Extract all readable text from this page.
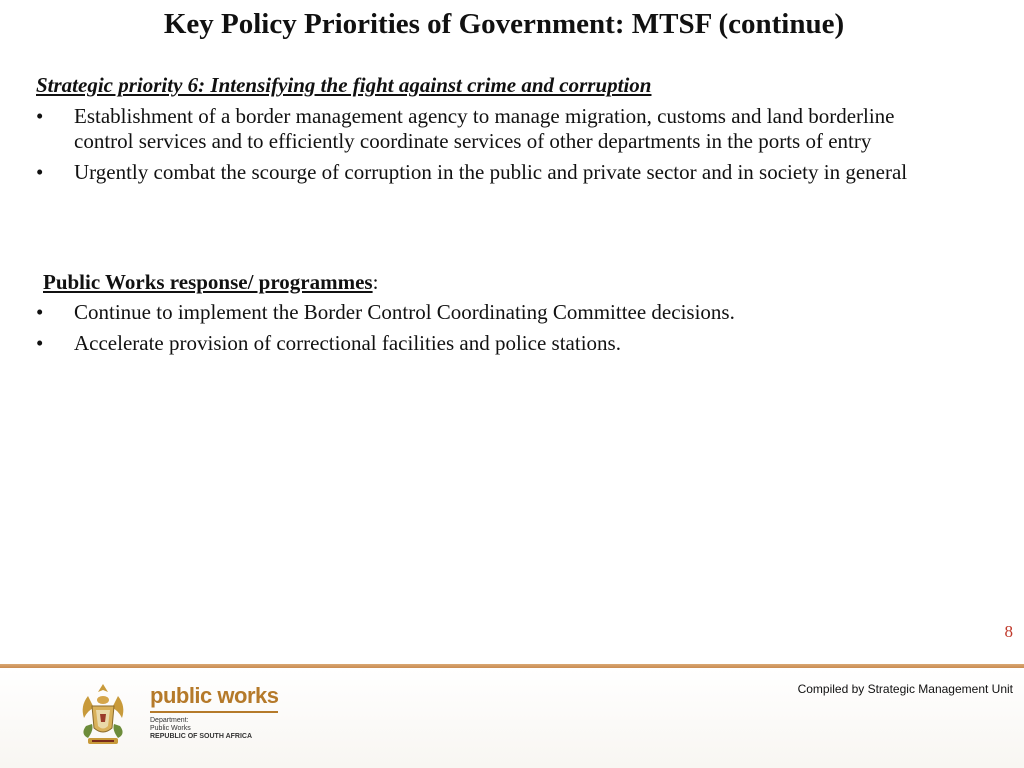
Key Policy Priorities of Government: MTSF (continue)
Strategic priority 6: Intensifying the fight against crime and corruption
• Establishment of a border management agency to manage migration, customs and land borderline control services and to efficiently coordinate services of other departments in the ports of entry
• Urgently combat the scourge of corruption in the public and private sector and in society in general
Public Works response/ programmes:
• Continue to implement the Border Control Coordinating Committee decisions.
• Accelerate provision of correctional facilities and police stations.
8
Compiled by Strategic Management Unit
public works
Department:
Public Works
REPUBLIC OF SOUTH AFRICA
